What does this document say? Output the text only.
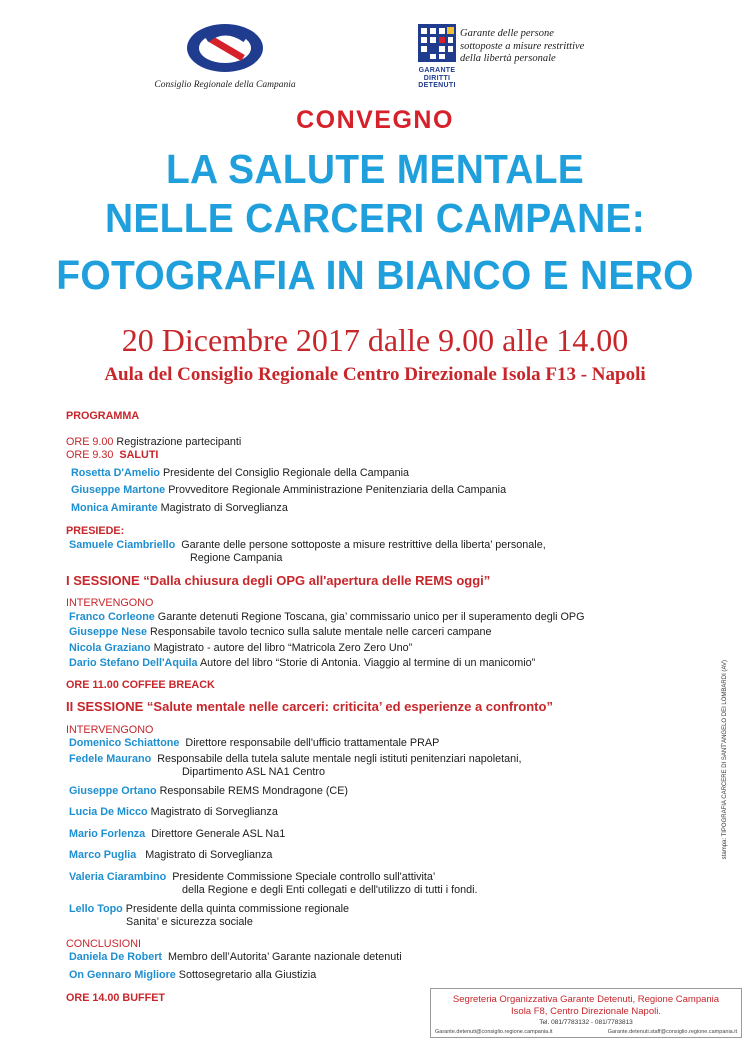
Consiglio Regionale della Campania
GARANTE
DIRITTI
DETENUTI
Garante delle persone
sottoposte a misure restrittive
della libertà personale
CONVEGNO
LA SALUTE MENTALE
NELLE CARCERI CAMPANE:
FOTOGRAFIA IN BIANCO E NERO
20 Dicembre 2017 dalle 9.00 alle 14.00
Aula del Consiglio Regionale Centro Direzionale Isola F13 - Napoli
PROGRAMMA
ORE 9.00 Registrazione partecipanti
ORE 9.30 SALUTI
Rosetta D'Amelio Presidente del Consiglio Regionale della Campania
Giuseppe Martone Provveditore Regionale Amministrazione Penitenziaria della Campania
Monica Amirante Magistrato di Sorveglianza
PRESIEDE:
Samuele Ciambriello Garante delle persone sottoposte a misure restrittive della liberta’ personale,
Regione Campania
I SESSIONE “Dalla chiusura degli OPG all'apertura delle REMS oggi”
INTERVENGONO
Franco Corleone Garante detenuti Regione Toscana, gia’ commissario unico per il superamento degli OPG
Giuseppe Nese Responsabile tavolo tecnico sulla salute mentale nelle carceri campane
Nicola Graziano Magistrato - autore del libro “Matricola Zero Zero Uno”
Dario Stefano Dell'Aquila Autore del libro “Storie di Antonia. Viaggio al termine di un manicomio”
ORE 11.00 COFFEE BREACK
II SESSIONE “Salute mentale nelle carceri: criticita’ ed esperienze a confronto”
INTERVENGONO
Domenico Schiattone Direttore responsabile dell'ufficio trattamentale PRAP
Fedele Maurano Responsabile della tutela salute mentale negli istituti penitenziari napoletani,
Dipartimento ASL NA1 Centro
Giuseppe Ortano Responsabile REMS Mondragone (CE)
Lucia De Micco Magistrato di Sorveglianza
Mario Forlenza Direttore Generale ASL Na1
Marco Puglia Magistrato di Sorveglianza
Valeria Ciarambino Presidente Commissione Speciale controllo sull'attivita’
della Regione e degli Enti collegati e dell'utilizzo di tutti i fondi.
Lello Topo Presidente della quinta commissione regionale
Sanita’ e sicurezza sociale
CONCLUSIONI
Daniela De Robert Membro dell’Autorita’ Garante nazionale detenuti
On Gennaro Migliore Sottosegretario alla Giustizia
ORE 14.00 BUFFET
stampa: TIPOGRAFIA CARCERE DI SANT'ANGELO DEI LOMBARDI (AV)
Segreteria Organizzativa Garante Detenuti, Regione Campania
Isola F8, Centro Direzionale Napoli.
Tel. 081/7783132 - 081/7783813
Garante.detenuti@consiglio.regione.campania.it	Garante.detenuti.staff@consiglio.regione.campania.it
